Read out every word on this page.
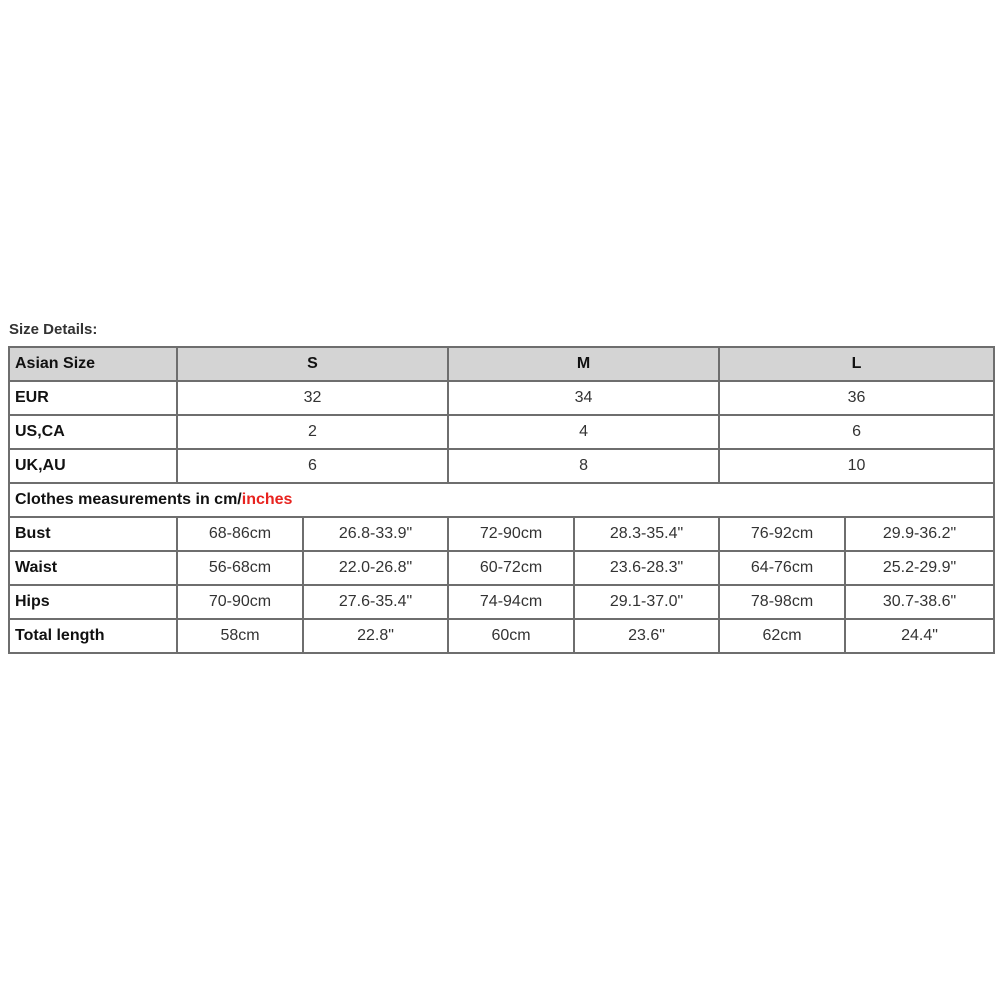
Size Details:
Asian Size	S		M		L	
EUR	32		34		36	
US,CA	2		4		6	
UK,AU	6		8		10	
Clothes measurements in cm/inches						
Bust	68-86cm	26.8-33.9"	72-90cm	28.3-35.4"	76-92cm	29.9-36.2"
Waist	56-68cm	22.0-26.8"	60-72cm	23.6-28.3"	64-76cm	25.2-29.9"
Hips	70-90cm	27.6-35.4"	74-94cm	29.1-37.0"	78-98cm	30.7-38.6"
Total length	58cm	22.8"	60cm	23.6"	62cm	24.4"
